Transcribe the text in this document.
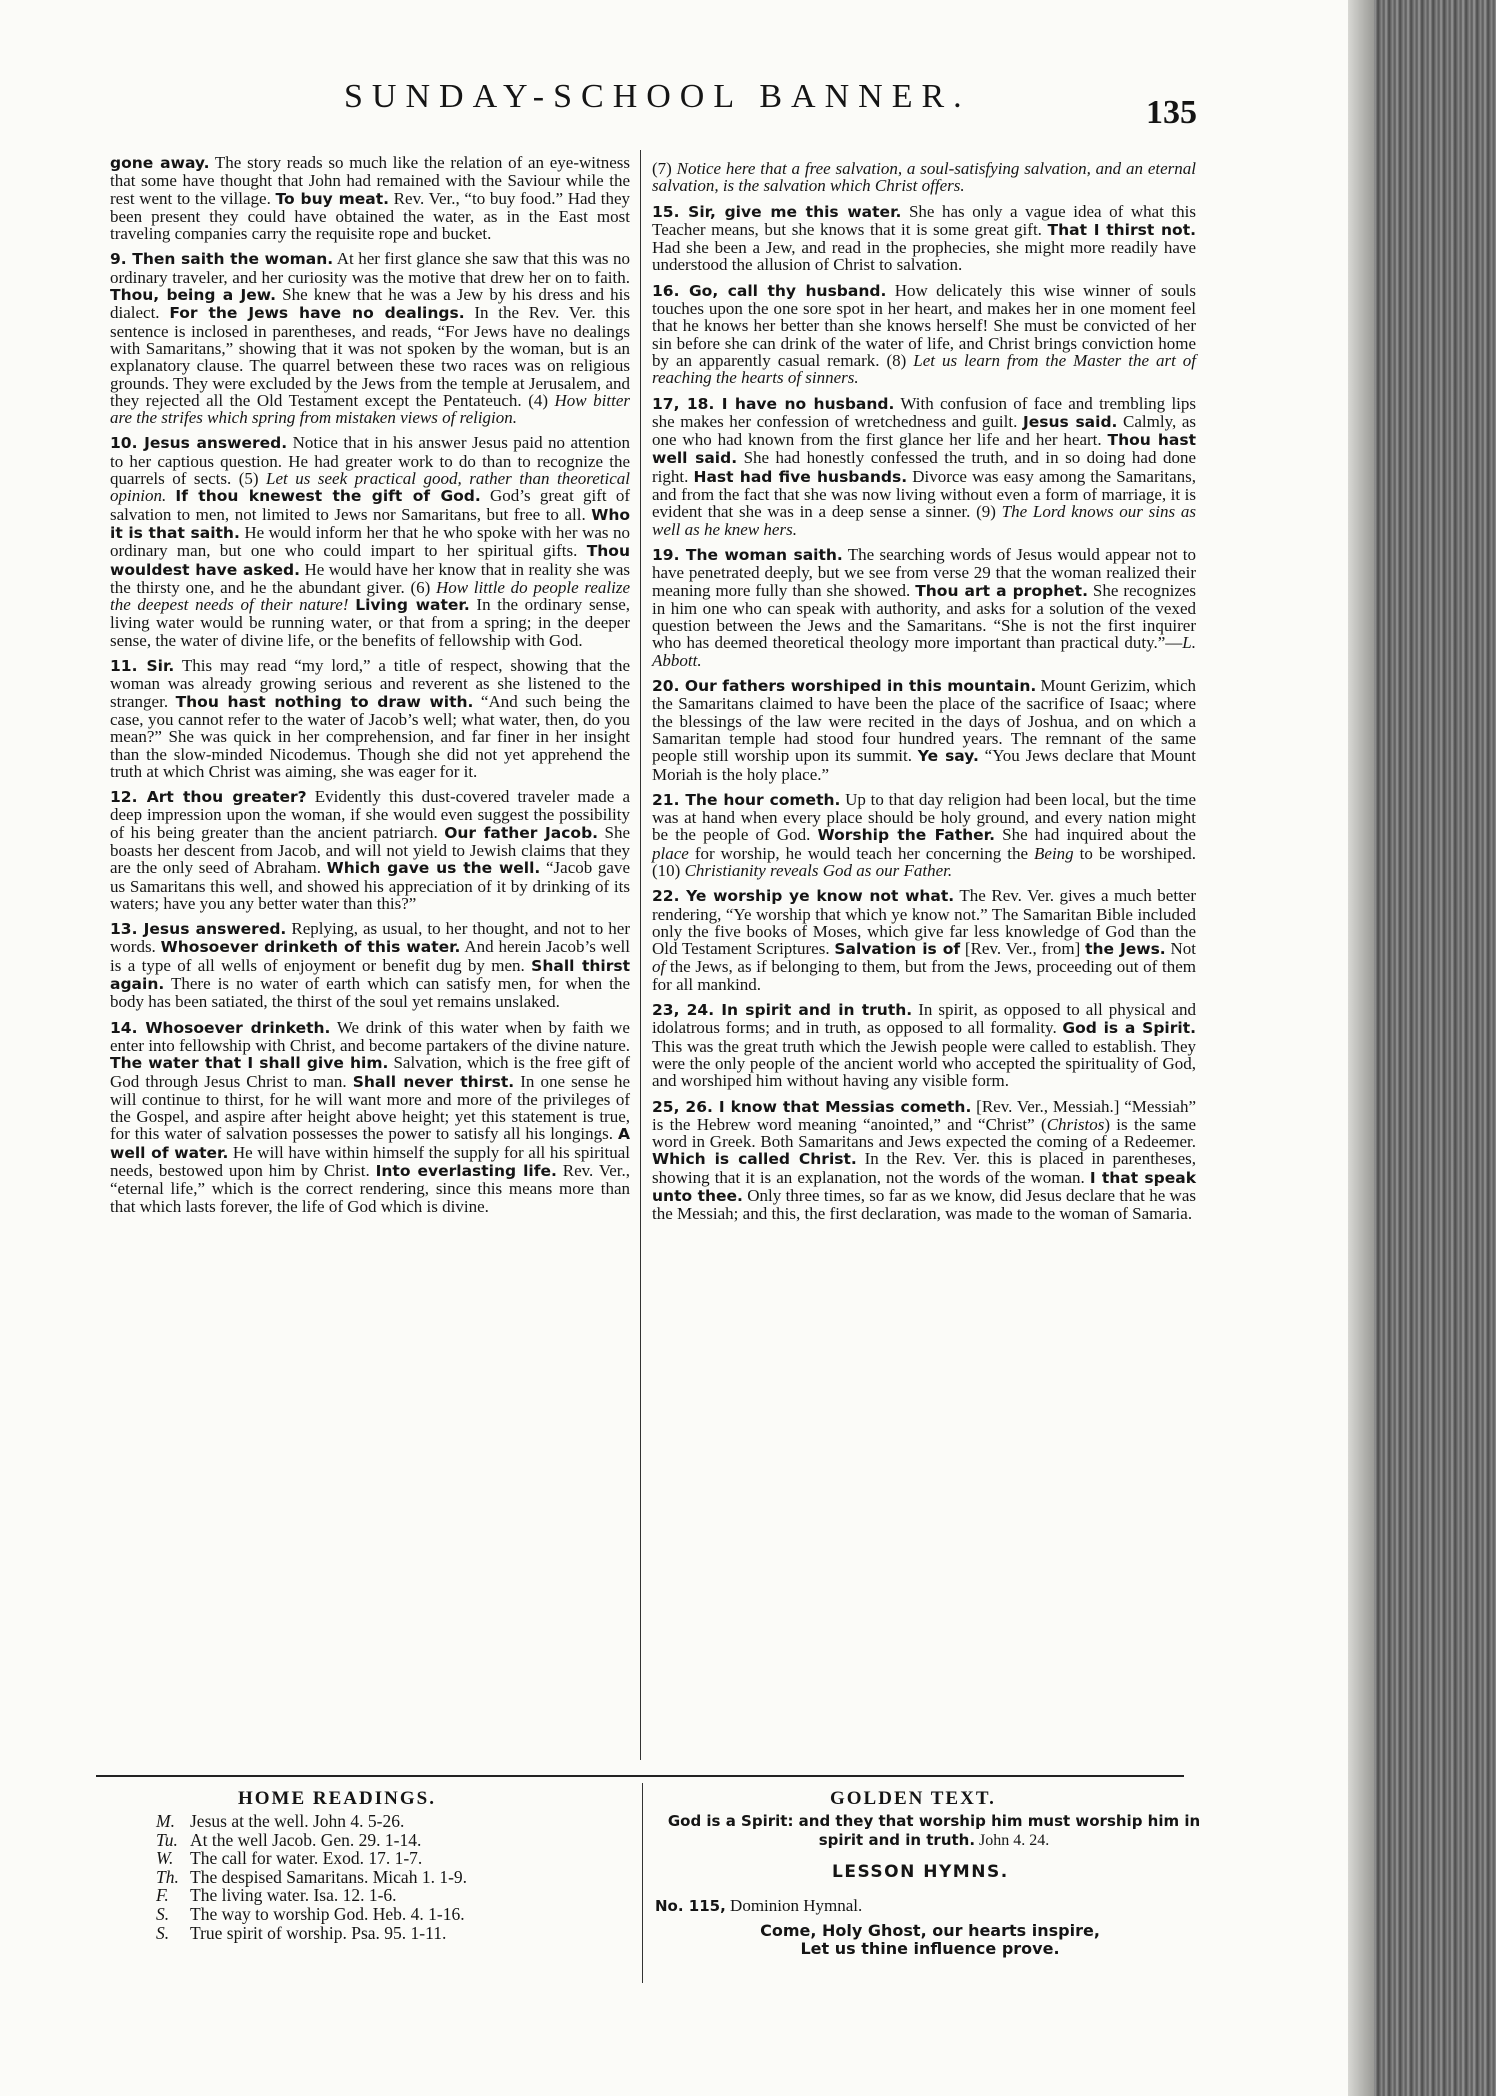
SUNDAY-SCHOOL BANNER.	135

gone away. The story reads so much like the relation of an eye-witness that some have thought that John had remained with the Saviour while the rest went to the village. To buy meat. Rev. Ver., “to buy food.” Had they been present they could have obtained the water, as in the East most traveling companies carry the requisite rope and bucket.

9. Then saith the woman. At her first glance she saw that this was no ordinary traveler, and her curiosity was the motive that drew her on to faith. Thou, being a Jew. She knew that he was a Jew by his dress and his dialect. For the Jews have no dealings. In the Rev. Ver. this sentence is inclosed in parentheses, and reads, “For Jews have no dealings with Samaritans,” showing that it was not spoken by the woman, but is an explanatory clause. The quarrel between these two races was on religious grounds. They were excluded by the Jews from the temple at Jerusalem, and they rejected all the Old Testament except the Pentateuch. (4) How bitter are the strifes which spring from mistaken views of religion.

10. Jesus answered. Notice that in his answer Jesus paid no attention to her captious question. He had greater work to do than to recognize the quarrels of sects. (5) Let us seek practical good, rather than theoretical opinion. If thou knewest the gift of God. God’s great gift of salvation to men, not limited to Jews nor Samaritans, but free to all. Who it is that saith. He would inform her that he who spoke with her was no ordinary man, but one who could impart to her spiritual gifts. Thou wouldest have asked. He would have her know that in reality she was the thirsty one, and he the abundant giver. (6) How little do people realize the deepest needs of their nature! Living water. In the ordinary sense, living water would be running water, or that from a spring; in the deeper sense, the water of divine life, or the benefits of fellowship with God.

11. Sir. This may read “my lord,” a title of respect, showing that the woman was already growing serious and reverent as she listened to the stranger. Thou hast nothing to draw with. “And such being the case, you cannot refer to the water of Jacob’s well; what water, then, do you mean?” She was quick in her comprehension, and far finer in her insight than the slow-minded Nicodemus. Though she did not yet apprehend the truth at which Christ was aiming, she was eager for it.

12. Art thou greater? Evidently this dust-covered traveler made a deep impression upon the woman, if she would even suggest the possibility of his being greater than the ancient patriarch. Our father Jacob. She boasts her descent from Jacob, and will not yield to Jewish claims that they are the only seed of Abraham. Which gave us the well. “Jacob gave us Samaritans this well, and showed his appreciation of it by drinking of its waters; have you any better water than this?”

13. Jesus answered. Replying, as usual, to her thought, and not to her words. Whosoever drinketh of this water. And herein Jacob’s well is a type of all wells of enjoyment or benefit dug by men. Shall thirst again. There is no water of earth which can satisfy men, for when the body has been satiated, the thirst of the soul yet remains unslaked.

14. Whosoever drinketh. We drink of this water when by faith we enter into fellowship with Christ, and become partakers of the divine nature. The water that I shall give him. Salvation, which is the free gift of God through Jesus Christ to man. Shall never thirst. In one sense he will continue to thirst, for he will want more and more of the privileges of the Gospel, and aspire after height above height; yet this statement is true, for this water of salvation possesses the power to satisfy all his longings. A well of water. He will have within himself the supply for all his spiritual needs, bestowed upon him by Christ. Into everlasting life. Rev. Ver., “eternal life,” which is the correct rendering, since this means more than that which lasts forever, the life of God which is divine.

(7) Notice here that a free salvation, a soul-satisfying salvation, and an eternal salvation, is the salvation which Christ offers.

15. Sir, give me this water. She has only a vague idea of what this Teacher means, but she knows that it is some great gift. That I thirst not. Had she been a Jew, and read in the prophecies, she might more readily have understood the allusion of Christ to salvation.

16. Go, call thy husband. How delicately this wise winner of souls touches upon the one sore spot in her heart, and makes her in one moment feel that he knows her better than she knows herself! She must be convicted of her sin before she can drink of the water of life, and Christ brings conviction home by an apparently casual remark. (8) Let us learn from the Master the art of reaching the hearts of sinners.

17, 18. I have no husband. With confusion of face and trembling lips she makes her confession of wretchedness and guilt. Jesus said. Calmly, as one who had known from the first glance her life and her heart. Thou hast well said. She had honestly confessed the truth, and in so doing had done right. Hast had five husbands. Divorce was easy among the Samaritans, and from the fact that she was now living without even a form of marriage, it is evident that she was in a deep sense a sinner. (9) The Lord knows our sins as well as he knew hers.

19. The woman saith. The searching words of Jesus would appear not to have penetrated deeply, but we see from verse 29 that the woman realized their meaning more fully than she showed. Thou art a prophet. She recognizes in him one who can speak with authority, and asks for a solution of the vexed question between the Jews and the Samaritans. “She is not the first inquirer who has deemed theoretical theology more important than practical duty.”—L. Abbott.

20. Our fathers worshiped in this mountain. Mount Gerizim, which the Samaritans claimed to have been the place of the sacrifice of Isaac; where the blessings of the law were recited in the days of Joshua, and on which a Samaritan temple had stood four hundred years. The remnant of the same people still worship upon its summit. Ye say. “You Jews declare that Mount Moriah is the holy place.”

21. The hour cometh. Up to that day religion had been local, but the time was at hand when every place should be holy ground, and every nation might be the people of God. Worship the Father. She had inquired about the place for worship, he would teach her concerning the Being to be worshiped. (10) Christianity reveals God as our Father.

22. Ye worship ye know not what. The Rev. Ver. gives a much better rendering, “Ye worship that which ye know not.” The Samaritan Bible included only the five books of Moses, which give far less knowledge of God than the Old Testament Scriptures. Salvation is of [Rev. Ver., from] the Jews. Not of the Jews, as if belonging to them, but from the Jews, proceeding out of them for all mankind.

23, 24. In spirit and in truth. In spirit, as opposed to all physical and idolatrous forms; and in truth, as opposed to all formality. God is a Spirit. This was the great truth which the Jewish people were called to establish. They were the only people of the ancient world who accepted the spirituality of God, and worshiped him without having any visible form.

25, 26. I know that Messias cometh. [Rev. Ver., Messiah.] “Messiah” is the Hebrew word meaning “anointed,” and “Christ” (Christos) is the same word in Greek. Both Samaritans and Jews expected the coming of a Redeemer. Which is called Christ. In the Rev. Ver. this is placed in parentheses, showing that it is an explanation, not the words of the woman. I that speak unto thee. Only three times, so far as we know, did Jesus declare that he was the Messiah; and this, the first declaration, was made to the woman of Samaria.

HOME READINGS.
M. Jesus at the well. John 4. 5-26.
Tu. At the well Jacob. Gen. 29. 1-14.
W. The call for water. Exod. 17. 1-7.
Th. The despised Samaritans. Micah 1. 1-9.
F. The living water. Isa. 12. 1-6.
S. The way to worship God. Heb. 4. 1-16.
S. True spirit of worship. Psa. 95. 1-11.
GOLDEN TEXT.
God is a Spirit: and they that worship him must worship him in spirit and in truth. John 4. 24.
LESSON HYMNS.
No. 115, Dominion Hymnal.
Come, Holy Ghost, our hearts inspire,
Let us thine influence prove.
